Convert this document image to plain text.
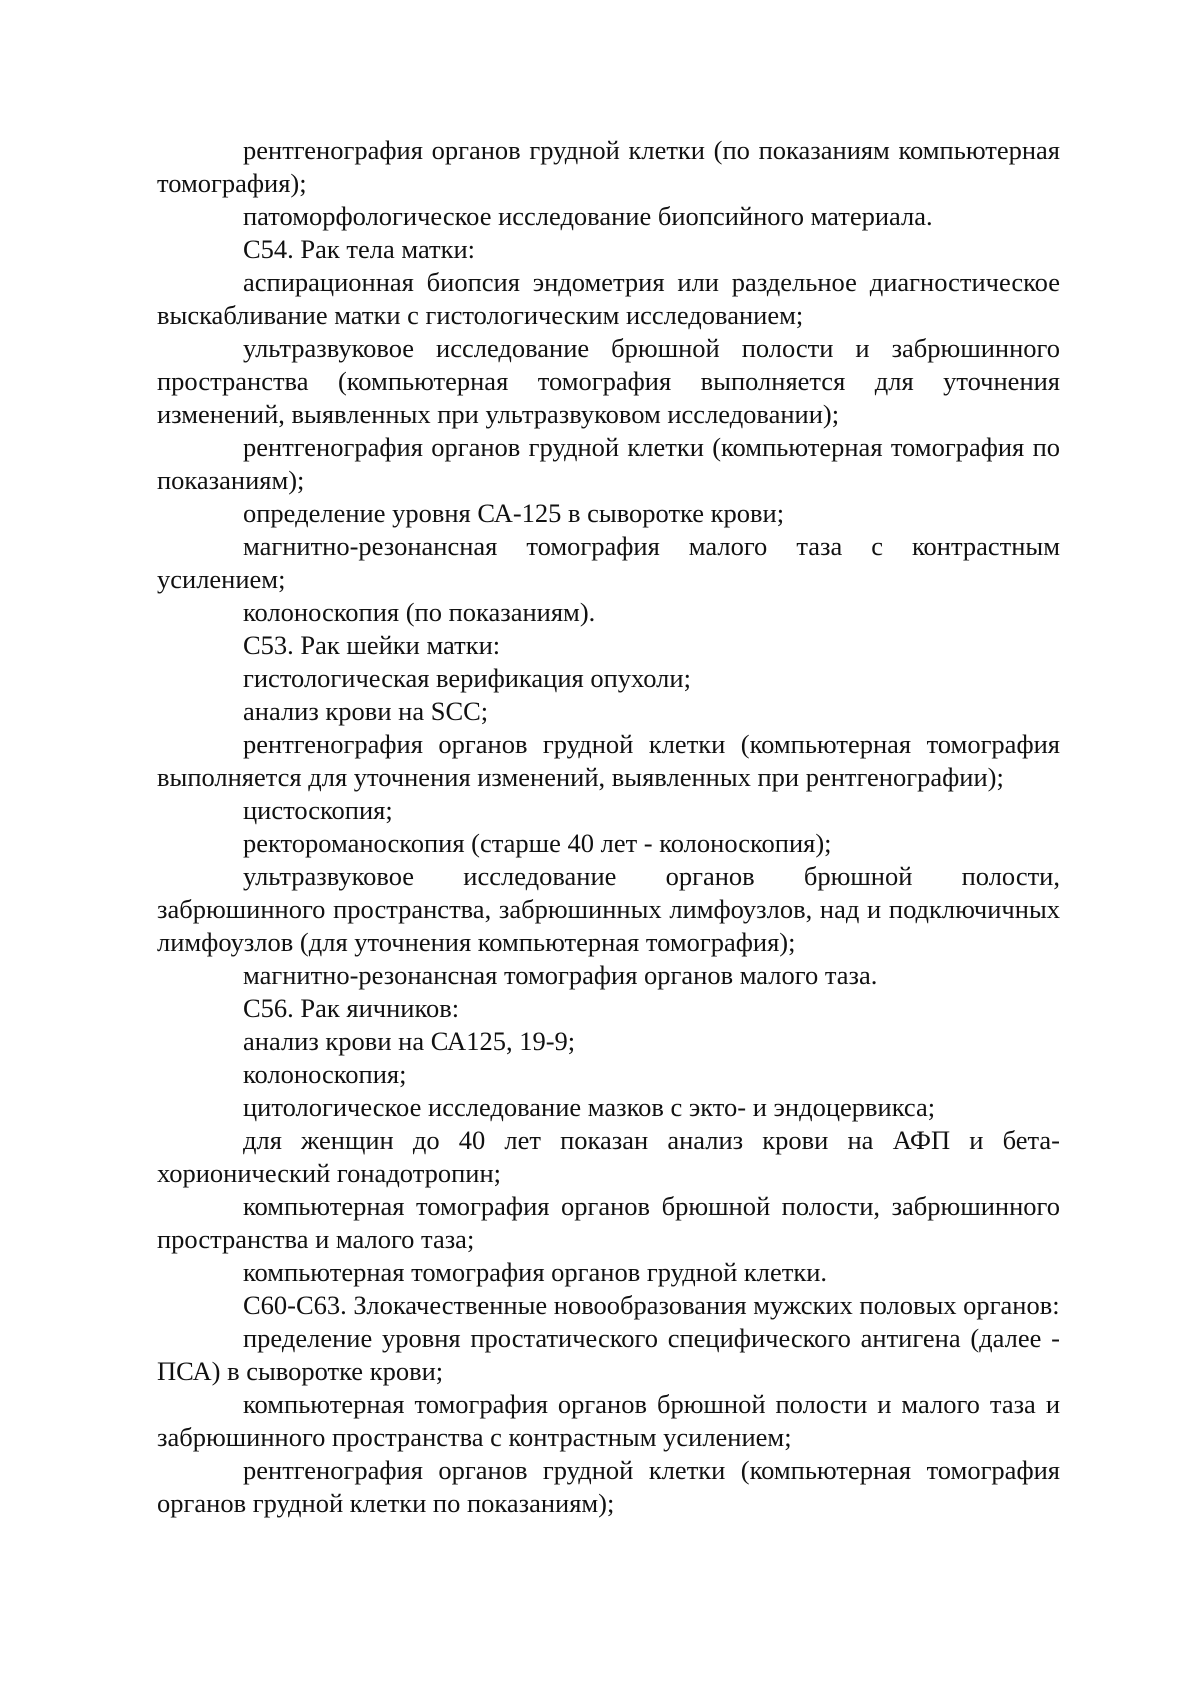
рентгенография органов грудной клетки (по показаниям компьютерная томография);

патоморфологическое исследование биопсийного материала.

С54. Рак тела матки:

аспирационная биопсия эндометрия или раздельное диагностическое выскабливание матки с гистологическим исследованием;

ультразвуковое исследование брюшной полости и забрюшинного пространства (компьютерная томография выполняется для уточнения изменений, выявленных при ультразвуковом исследовании);

рентгенография органов грудной клетки (компьютерная томография по показаниям);

определение уровня СА-125 в сыворотке крови;

магнитно-резонансная томография малого таза с контрастным усилением;

колоноскопия (по показаниям).

С53. Рак шейки матки:

гистологическая верификация опухоли;

анализ крови на SCC;

рентгенография органов грудной клетки (компьютерная томография выполняется для уточнения изменений, выявленных при рентгенографии);

цистоскопия;

ректороманоскопия (старше 40 лет - колоноскопия);

ультразвуковое исследование органов брюшной полости, забрюшинного пространства, забрюшинных лимфоузлов, над и подключичных лимфоузлов (для уточнения компьютерная томография);

магнитно-резонансная томография органов малого таза.

С56. Рак яичников:

анализ крови на СА125, 19-9;

колоноскопия;

цитологическое исследование мазков с экто- и эндоцервикса;

для женщин до 40 лет показан анализ крови на АФП и бета-хорионический гонадотропин;

компьютерная томография органов брюшной полости, забрюшинного пространства и малого таза;

компьютерная томография органов грудной клетки.

С60-С63. Злокачественные новообразования мужских половых органов:

пределение уровня простатического специфического антигена (далее - ПСА) в сыворотке крови;

компьютерная томография органов брюшной полости и малого таза и забрюшинного пространства с контрастным усилением;

рентгенография органов грудной клетки (компьютерная томография органов грудной клетки по показаниям);
